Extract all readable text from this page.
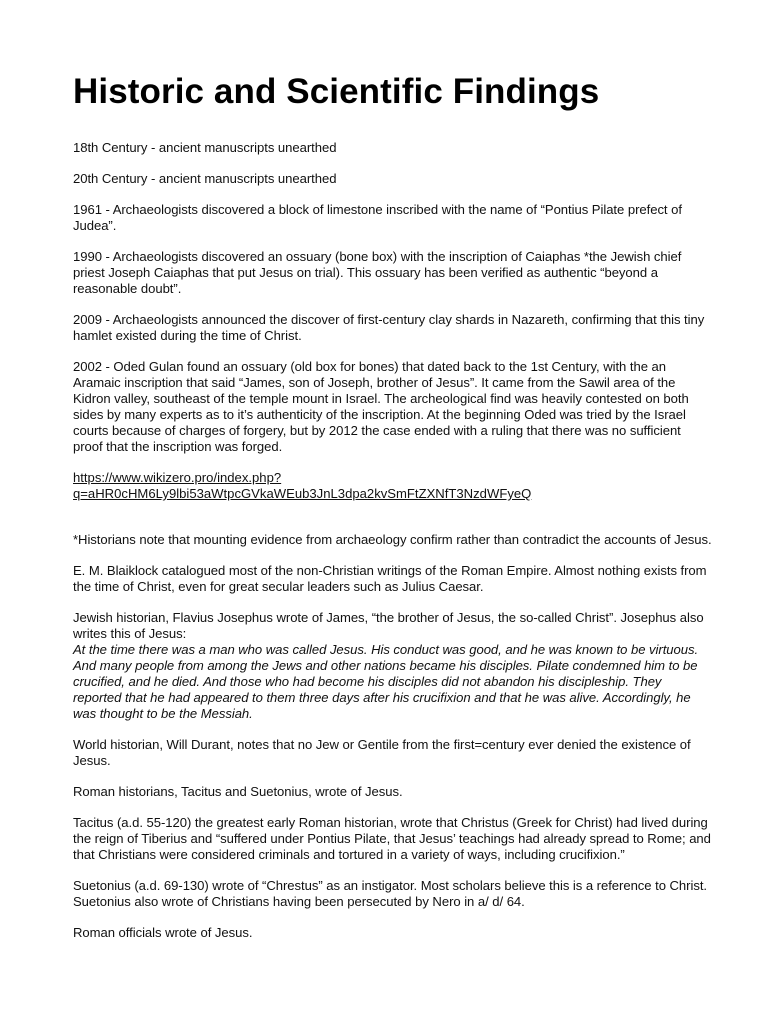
Historic and Scientific Findings

18th Century - ancient manuscripts unearthed

20th Century - ancient manuscripts unearthed

1961 - Archaeologists discovered a block of limestone inscribed with the name of “Pontius Pilate prefect of Judea”.

1990 - Archaeologists discovered an ossuary (bone box) with the inscription of Caiaphas *the Jewish chief priest Joseph Caiaphas that put Jesus on trial). This ossuary has been verified as authentic “beyond a reasonable doubt”.

2009 - Archaeologists announced the discover of first-century clay shards in Nazareth, confirming that this tiny hamlet existed during the time of Christ.

2002 - Oded Gulan found an ossuary (old box for bones) that dated back to the 1st Century, with the an Aramaic inscription that said “James, son of Joseph, brother of Jesus”. It came from the Sawil area of the Kidron valley, southeast of the temple mount in Israel. The archeological find was heavily contested on both sides by many experts as to it’s authenticity of the inscription. At the beginning Oded was tried by the Israel courts because of charges of forgery, but by 2012 the case ended with a ruling that there was no sufficient proof that the inscription was forged.

https://www.wikizero.pro/index.php?
q=aHR0cHM6Ly9lbi53aWtpcGVkaWEub3JnL3dpa2kvSmFtZXNfT3NzdWFyeQ

*Historians note that mounting evidence from archaeology confirm rather than contradict the accounts of Jesus.

E. M. Blaiklock catalogued most of the non-Christian writings of the Roman Empire. Almost nothing exists from the time of Christ, even for great secular leaders such as Julius Caesar.

Jewish historian, Flavius Josephus wrote of James, “the brother of Jesus, the so-called Christ”. Josephus also writes this of Jesus:

At the time there was a man who was called Jesus. His conduct was good, and he was known to be virtuous. And many people from among the Jews and other nations became his disciples. Pilate condemned him to be crucified, and he died. And those who had become his disciples did not abandon his discipleship. They reported that he had appeared to them three days after his crucifixion and that he was alive. Accordingly, he was thought to be the Messiah.

World historian, Will Durant, notes that no Jew or Gentile from the first=century ever denied the existence of Jesus.

Roman historians, Tacitus and Suetonius, wrote of Jesus.

Tacitus (a.d. 55-120) the greatest early Roman historian, wrote that Christus (Greek for Christ) had lived during the reign of Tiberius and “suffered under Pontius Pilate, that Jesus’ teachings had already spread to Rome; and that Christians were considered criminals and tortured in a variety of ways, including crucifixion.”

Suetonius (a.d. 69-130) wrote of “Chrestus” as an instigator. Most scholars believe this is a reference to Christ. Suetonius also wrote of Christians having been persecuted by Nero in a/ d/ 64.

Roman officials wrote of Jesus.
